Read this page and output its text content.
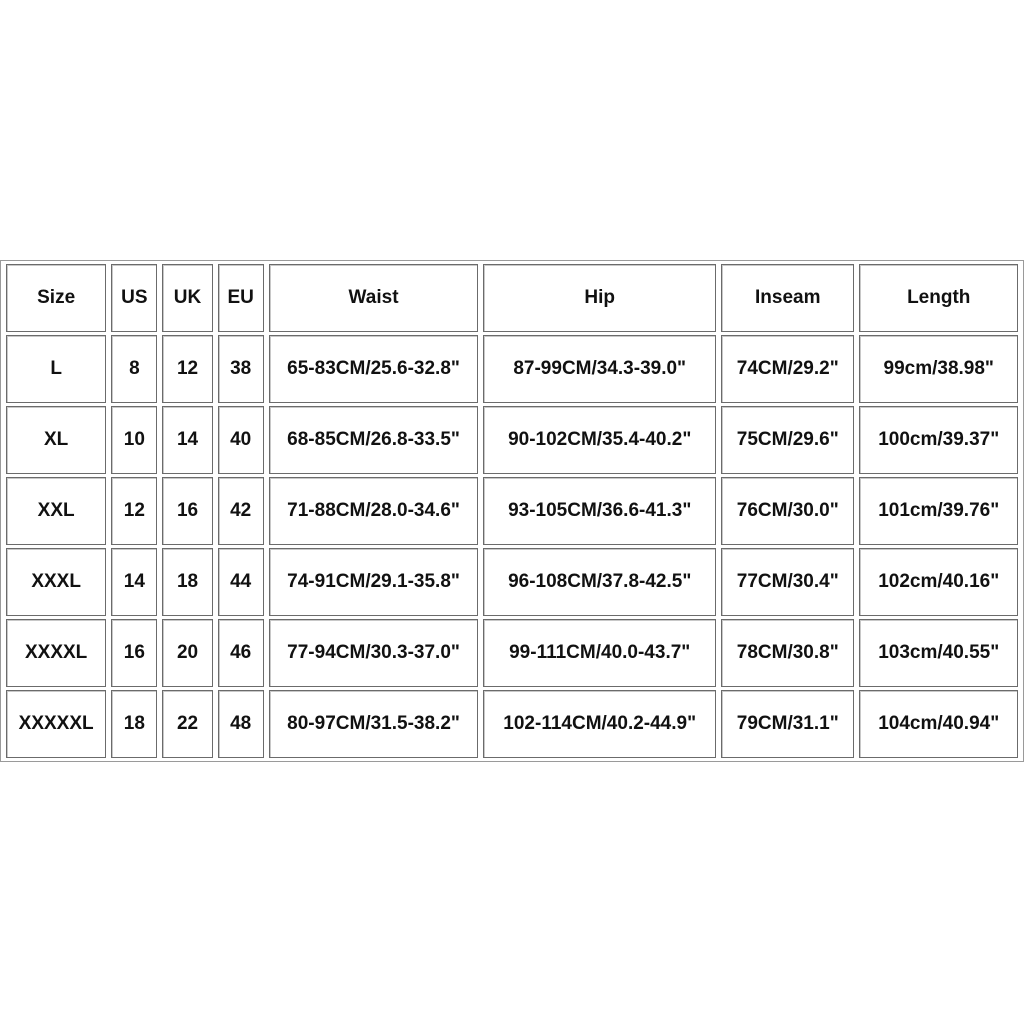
Size	US	UK	EU	Waist	Hip	Inseam	Length
L	8	12	38	65-83CM/25.6-32.8"	87-99CM/34.3-39.0"	74CM/29.2"	99cm/38.98"
XL	10	14	40	68-85CM/26.8-33.5"	90-102CM/35.4-40.2"	75CM/29.6"	100cm/39.37"
XXL	12	16	42	71-88CM/28.0-34.6"	93-105CM/36.6-41.3"	76CM/30.0"	101cm/39.76"
XXXL	14	18	44	74-91CM/29.1-35.8"	96-108CM/37.8-42.5"	77CM/30.4"	102cm/40.16"
XXXXL	16	20	46	77-94CM/30.3-37.0"	99-111CM/40.0-43.7"	78CM/30.8"	103cm/40.55"
XXXXXL	18	22	48	80-97CM/31.5-38.2"	102-114CM/40.2-44.9"	79CM/31.1"	104cm/40.94"
